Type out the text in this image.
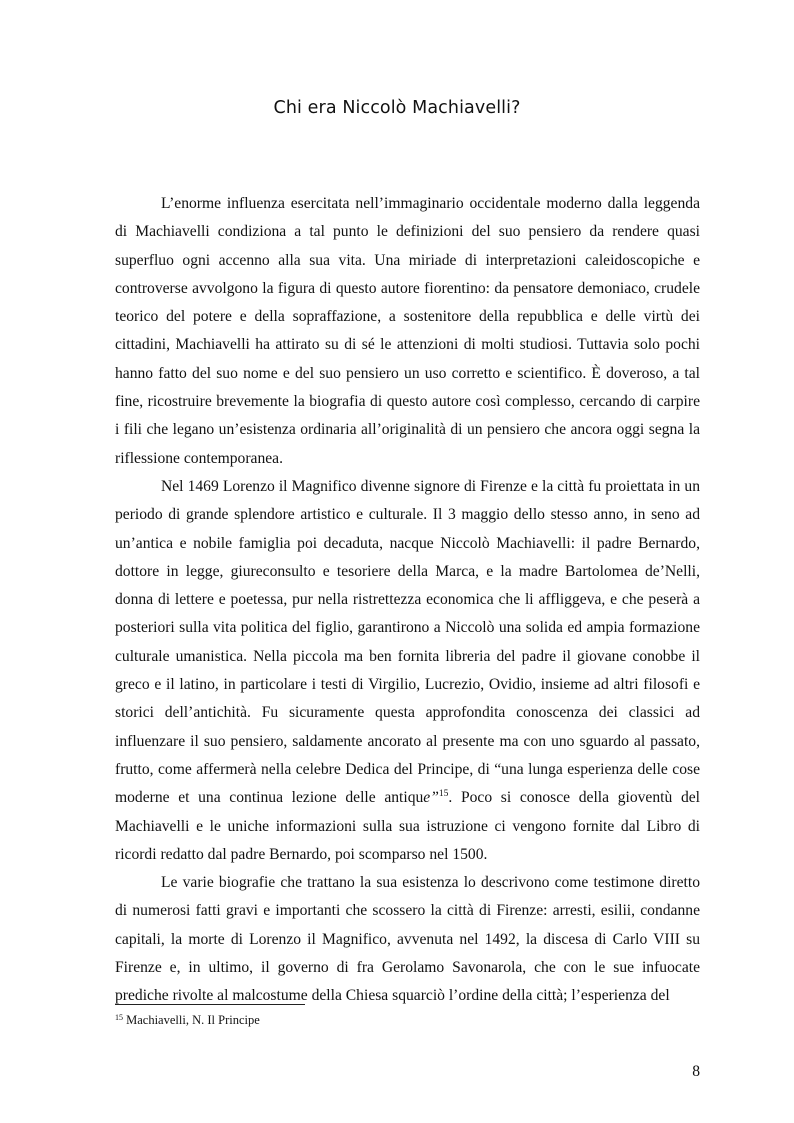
Chi era Niccolò Machiavelli?

L’enorme influenza esercitata nell’immaginario occidentale moderno dalla leggenda di Machiavelli condiziona a tal punto le definizioni del suo pensiero da rendere quasi superfluo ogni accenno alla sua vita. Una miriade di interpretazioni caleidoscopiche e controverse avvolgono la figura di questo autore fiorentino: da pensatore demoniaco, crudele teorico del potere e della sopraffazione, a sostenitore della repubblica e delle virtù dei cittadini, Machiavelli ha attirato su di sé le attenzioni di molti studiosi. Tuttavia solo pochi hanno fatto del suo nome e del suo pensiero un uso corretto e scientifico. È doveroso, a tal fine, ricostruire brevemente la biografia di questo autore così complesso, cercando di carpire i fili che legano un’esistenza ordinaria all’originalità di un pensiero che ancora oggi segna la riflessione contemporanea.

Nel 1469 Lorenzo il Magnifico divenne signore di Firenze e la città fu proiettata in un periodo di grande splendore artistico e culturale. Il 3 maggio dello stesso anno, in seno ad un’antica e nobile famiglia poi decaduta, nacque Niccolò Machiavelli: il padre Bernardo, dottore in legge, giureconsulto e tesoriere della Marca, e la madre Bartolomea de’Nelli, donna di lettere e poetessa, pur nella ristrettezza economica che li affliggeva, e che peserà a posteriori sulla vita politica del figlio, garantirono a Niccolò una solida ed ampia formazione culturale umanistica. Nella piccola ma ben fornita libreria del padre il giovane conobbe il greco e il latino, in particolare i testi di Virgilio, Lucrezio, Ovidio, insieme ad altri filosofi e storici dell’antichità. Fu sicuramente questa approfondita conoscenza dei classici ad influenzare il suo pensiero, saldamente ancorato al presente ma con uno sguardo al passato, frutto, come affermerà nella celebre Dedica del Principe, di “una lunga esperienza delle cose moderne et una continua lezione delle antique”$^{15}$. Poco si conosce della gioventù del Machiavelli e le uniche informazioni sulla sua istruzione ci vengono fornite dal Libro di ricordi redatto dal padre Bernardo, poi scomparso nel 1500.

Le varie biografie che trattano la sua esistenza lo descrivono come testimone diretto di numerosi fatti gravi e importanti che scossero la città di Firenze: arresti, esilii, condanne capitali, la morte di Lorenzo il Magnifico, avvenuta nel 1492, la discesa di Carlo VIII su Firenze e, in ultimo, il governo di fra Gerolamo Savonarola, che con le sue infuocate prediche rivolte al malcostume della Chiesa squarciò l’ordine della città; l’esperienza del

$^{15}$ Machiavelli, N. Il Principe
8
